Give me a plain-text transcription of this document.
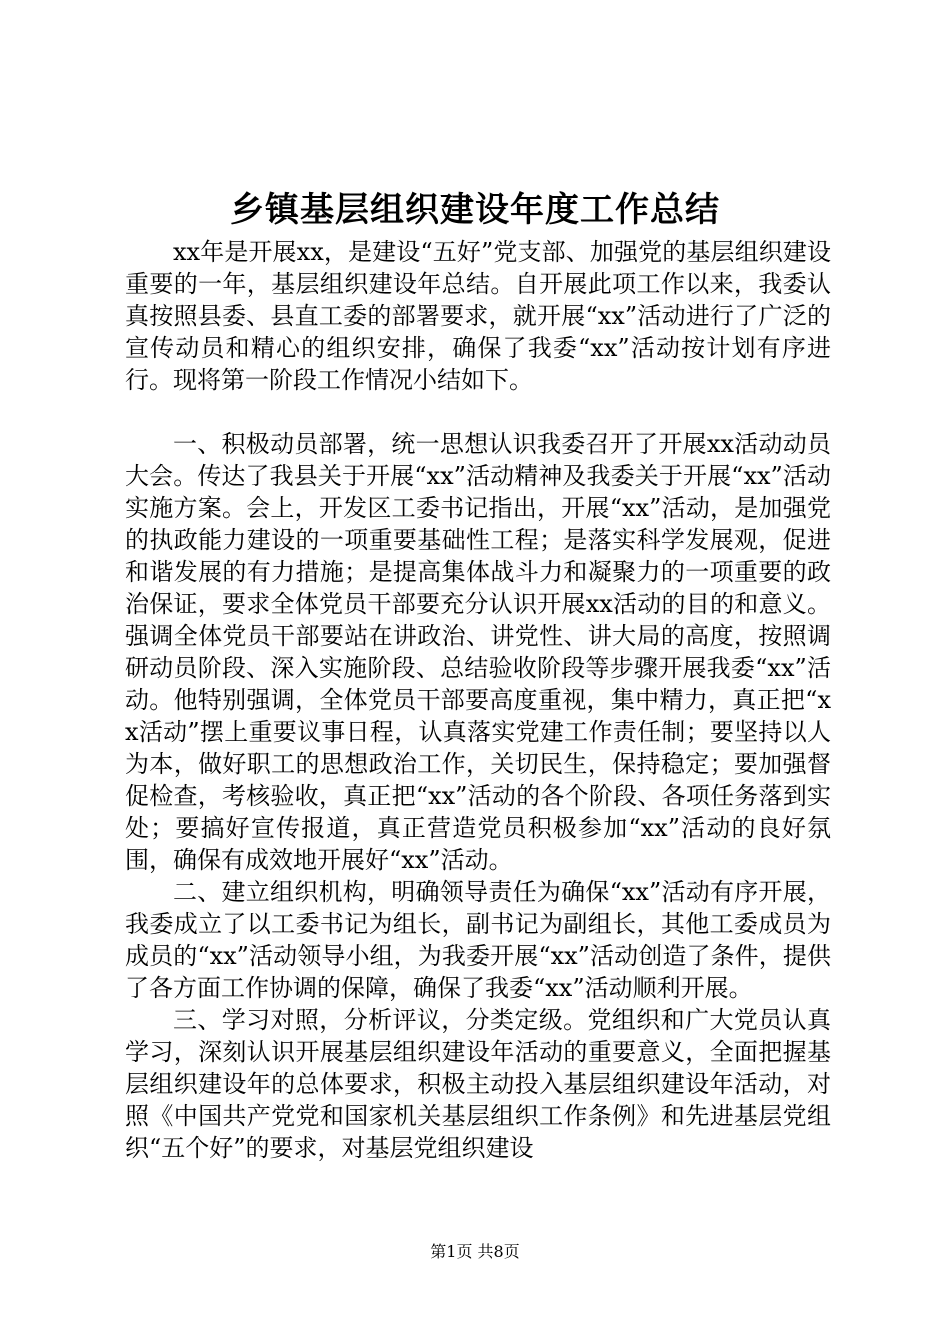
乡镇基层组织建设年度工作总结

xx年是开展xx，是建设“五好”党支部、加强党的基层组织建设重要的一年，基层组织建设年总结。自开展此项工作以来，我委认真按照县委、县直工委的部署要求，就开展“xx”活动进行了广泛的宣传动员和精心的组织安排，确保了我委“xx”活动按计划有序进行。现将第一阶段工作情况小结如下。

一、积极动员部署，统一思想认识我委召开了开展xx活动动员大会。传达了我县关于开展“xx”活动精神及我委关于开展“xx”活动实施方案。会上，开发区工委书记指出，开展“xx”活动，是加强党的执政能力建设的一项重要基础性工程；是落实科学发展观，促进和谐发展的有力措施；是提高集体战斗力和凝聚力的一项重要的政治保证，要求全体党员干部要充分认识开展xx活动的目的和意义。强调全体党员干部要站在讲政治、讲党性、讲大局的高度，按照调研动员阶段、深入实施阶段、总结验收阶段等步骤开展我委“xx”活动。他特别强调，全体党员干部要高度重视，集中精力，真正把“xx活动”摆上重要议事日程，认真落实党建工作责任制；要坚持以人为本，做好职工的思想政治工作，关切民生，保持稳定；要加强督促检查，考核验收，真正把“xx”活动的各个阶段、各项任务落到实处；要搞好宣传报道，真正营造党员积极参加“xx”活动的良好氛围，确保有成效地开展好“xx”活动。

二、建立组织机构，明确领导责任为确保“xx”活动有序开展，我委成立了以工委书记为组长，副书记为副组长，其他工委成员为成员的“xx”活动领导小组，为我委开展“xx”活动创造了条件，提供了各方面工作协调的保障，确保了我委“xx”活动顺利开展。

三、学习对照，分析评议，分类定级。党组织和广大党员认真学习，深刻认识开展基层组织建设年活动的重要意义，全面把握基层组织建设年的总体要求，积极主动投入基层组织建设年活动，对照《中国共产党党和国家机关基层组织工作条例》和先进基层党组织“五个好”的要求，对基层党组织建设

第1页 共8页
